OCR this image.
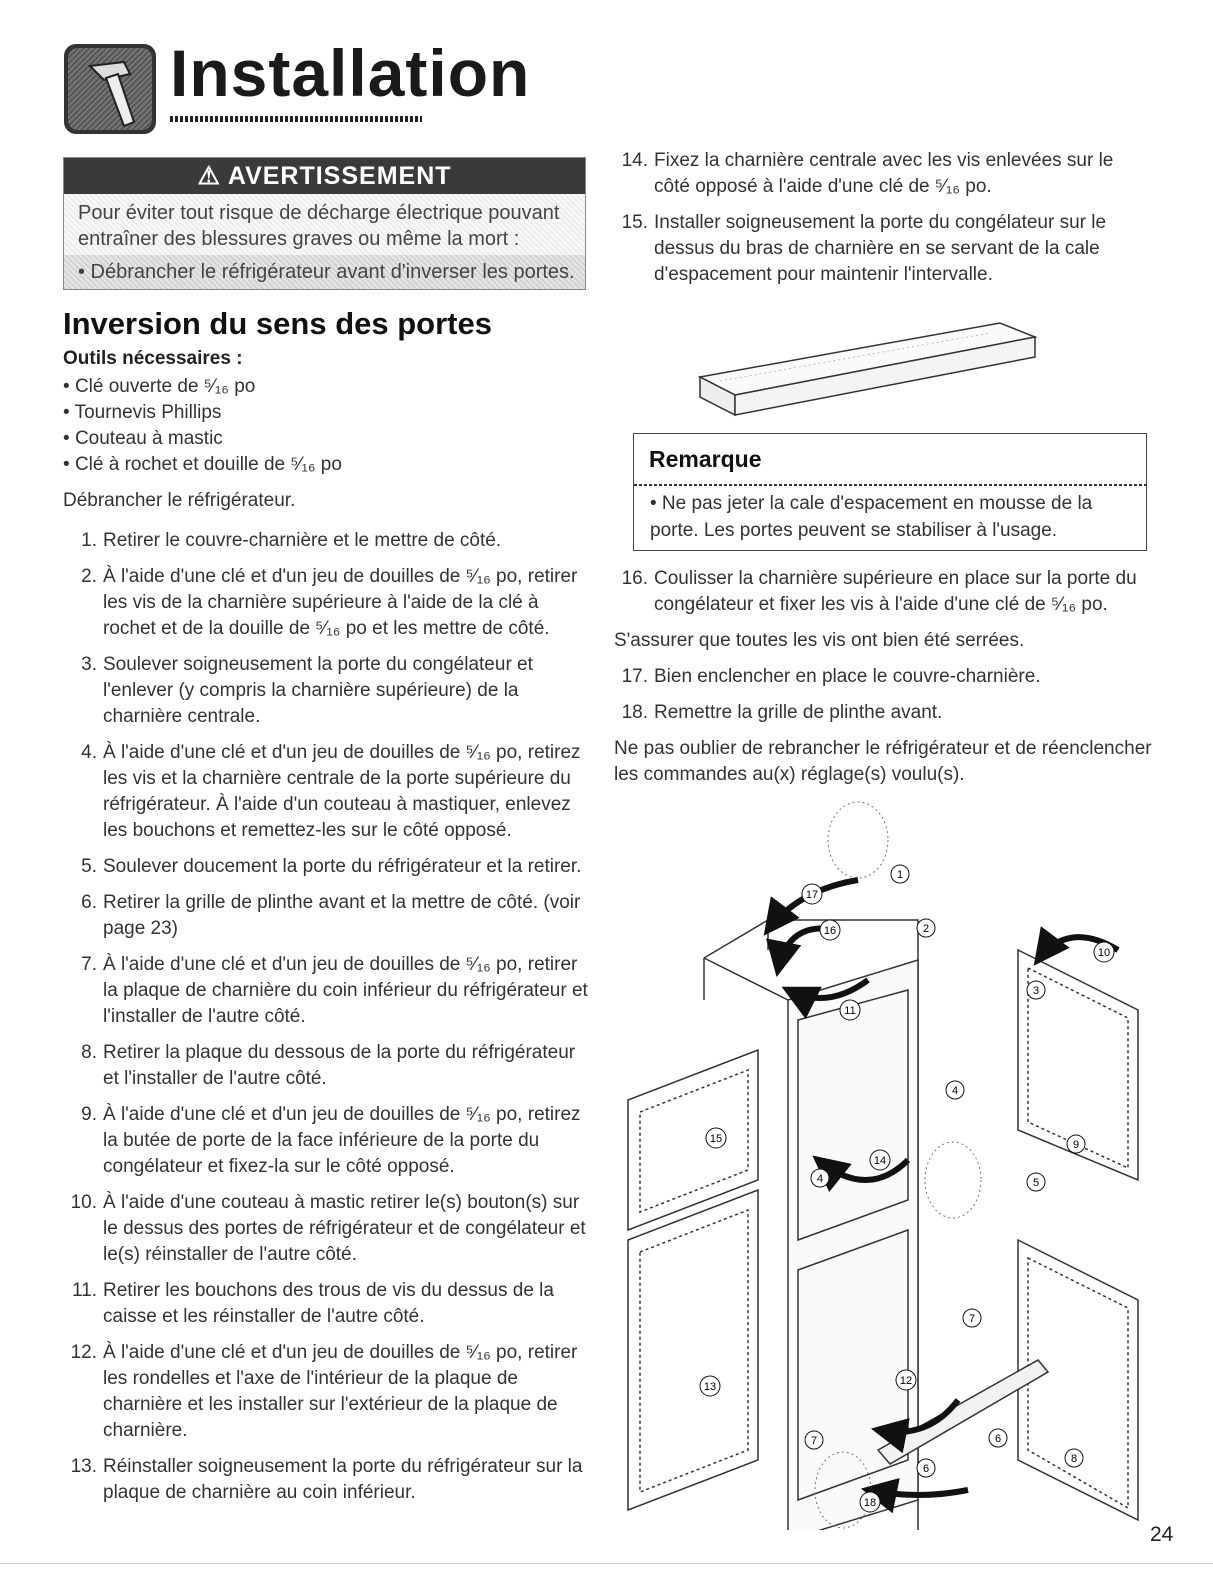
Installation
⚠ AVERTISSEMENT
Pour éviter tout risque de décharge électrique pouvant
entraîner des blessures graves ou même la mort :
• Débrancher le réfrigérateur avant d'inverser les portes.
Inversion du sens des portes
Outils nécessaires :
• Clé ouverte de ⁵⁄₁₆ po
• Tournevis Phillips
• Couteau à mastic
• Clé à rochet et douille de ⁵⁄₁₆ po
Débrancher le réfrigérateur.
1. Retirer le couvre-charnière et le mettre de côté.
2. À l'aide d'une clé et d'un jeu de douilles de ⁵⁄₁₆ po, retirer les vis de la charnière supérieure à l'aide de la clé à rochet et de la douille de ⁵⁄₁₆ po et les mettre de côté.
3. Soulever soigneusement la porte du congélateur et l'enlever (y compris la charnière supérieure) de la charnière centrale.
4. À l'aide d'une clé et d'un jeu de douilles de ⁵⁄₁₆ po, retirez les vis et la charnière centrale de la porte supérieure du réfrigérateur. À l'aide d'un couteau à mastiquer, enlevez les bouchons et remettez-les sur le côté opposé.
5. Soulever doucement la porte du réfrigérateur et la retirer.
6. Retirer la grille de plinthe avant et la mettre de côté. (voir page 23)
7. À l'aide d'une clé et d'un jeu de douilles de ⁵⁄₁₆ po, retirer la plaque de charnière du coin inférieur du réfrigérateur et l'installer de l'autre côté.
8. Retirer la plaque du dessous de la porte du réfrigérateur et l'installer de l'autre côté.
9. À l'aide d'une clé et d'un jeu de douilles de ⁵⁄₁₆ po, retirez la butée de porte de la face inférieure de la porte du congélateur et fixez-la sur le côté opposé.
10. À l'aide d'une couteau à mastic retirer le(s) bouton(s) sur le dessus des portes de réfrigérateur et de congélateur et le(s) réinstaller de l'autre côté.
11. Retirer les bouchons des trous de vis du dessus de la caisse et les réinstaller de l'autre côté.
12. À l'aide d'une clé et d'un jeu de douilles de ⁵⁄₁₆ po, retirer les rondelles et l'axe de l'intérieur de la plaque de charnière et les installer sur l'extérieur de la plaque de charnière.
13. Réinstaller soigneusement la porte du réfrigérateur sur la plaque de charnière au coin inférieur.
14. Fixez la charnière centrale avec les vis enlevées sur le côté opposé à l'aide d'une clé de ⁵⁄₁₆ po.
15. Installer soigneusement la porte du congélateur sur le dessus du bras de charnière en se servant de la cale d'espacement pour maintenir l'intervalle.
Remarque
• Ne pas jeter la cale d'espacement en mousse de la porte. Les portes peuvent se stabiliser à l'usage.
16. Coulisser la charnière supérieure en place sur la porte du congélateur et fixer les vis à l'aide d'une clé de ⁵⁄₁₆ po.
S'assurer que toutes les vis ont bien été serrées.
17. Bien enclencher en place le couvre-charnière.
18. Remettre la grille de plinthe avant.
Ne pas oublier de rebrancher le réfrigérateur et de réenclencher les commandes au(x) réglage(s) voulu(s).
1
2
3
4
4	5
6
6
7
7
8
9
10
11
12
13
14
15
16
17
18
24
